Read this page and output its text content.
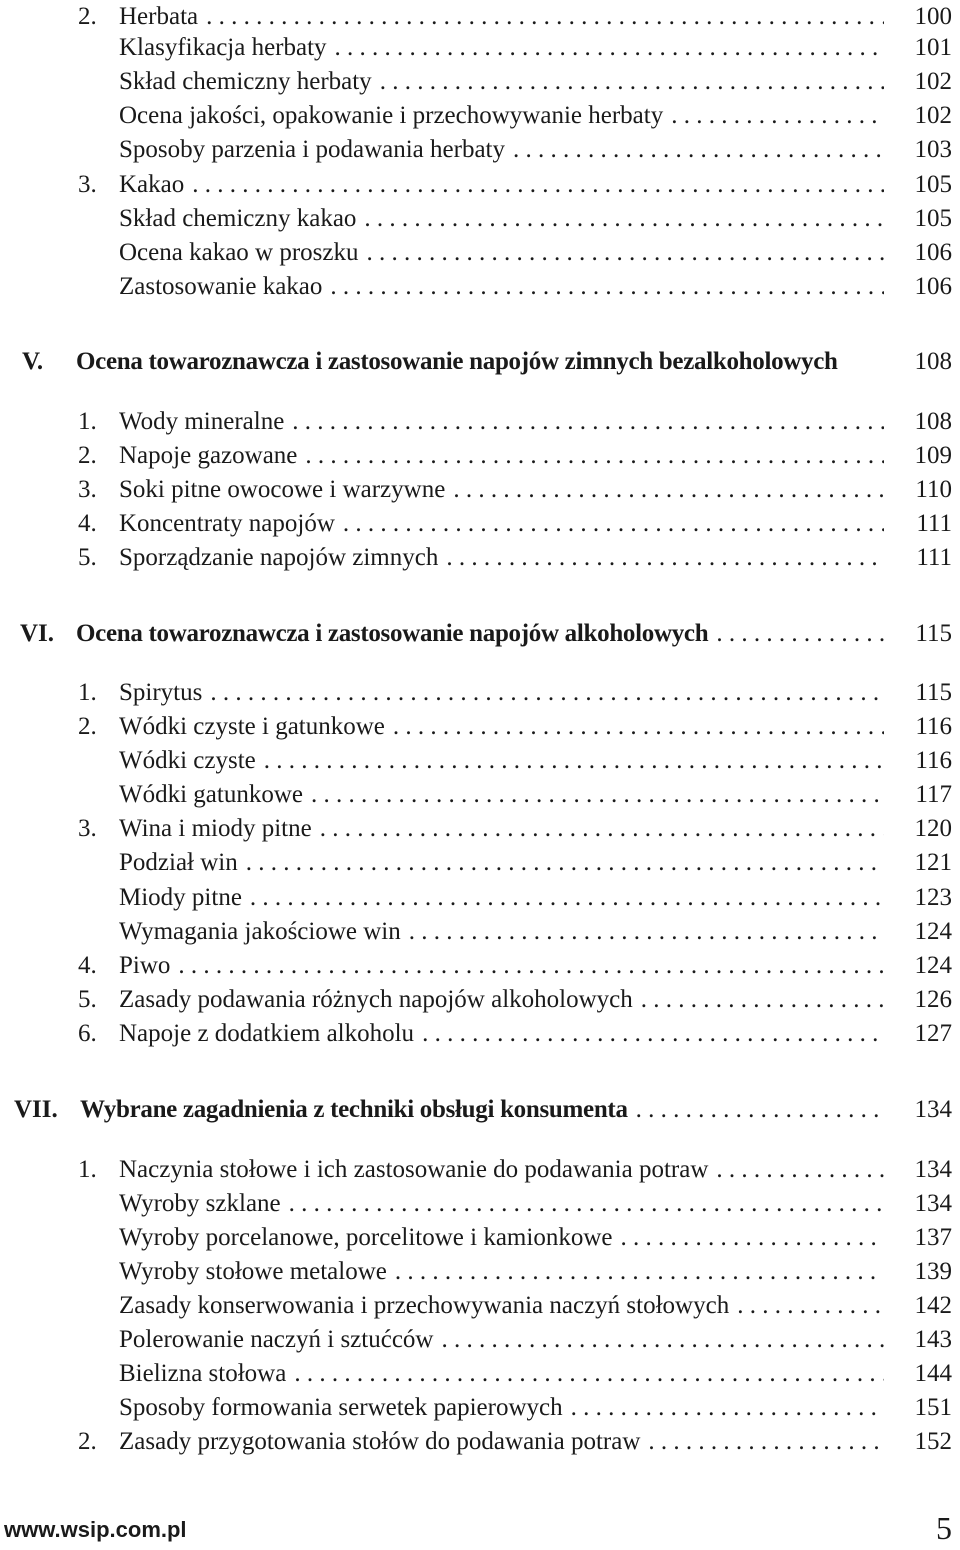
2. Herbata . . .	100
Klasyfikacja herbaty . . .	101
Skład chemiczny herbaty . . .	102
Ocena jakości, opakowanie i przechowywanie herbaty . . .	102
Sposoby parzenia i podawania herbaty . . .	103
3. Kakao . . .	105
Skład chemiczny kakao . . .	105
Ocena kakao w proszku . . .	106
Zastosowanie kakao . . .	106
V. Ocena towaroznawcza i zastosowanie napojów zimnych bezalkoholowych	108
1. Wody mineralne . . .	108
2. Napoje gazowane . . .	109
3. Soki pitne owocowe i warzywne . . .	110
4. Koncentraty napojów . . .	111
5. Sporządzanie napojów zimnych . . .	111
VI. Ocena towaroznawcza i zastosowanie napojów alkoholowych . . .	115
1. Spirytus . . .	115
2. Wódki czyste i gatunkowe . . .	116
Wódki czyste . . .	116
Wódki gatunkowe . . .	117
3. Wina i miody pitne . . .	120
Podział win . . .	121
Miody pitne . . .	123
Wymagania jakościowe win . . .	124
4. Piwo . . .	124
5. Zasady podawania różnych napojów alkoholowych . . .	126
6. Napoje z dodatkiem alkoholu . . .	127
VII. Wybrane zagadnienia z techniki obsługi konsumenta . . .	134
1. Naczynia stołowe i ich zastosowanie do podawania potraw . . .	134
Wyroby szklane . . .	134
Wyroby porcelanowe, porcelitowe i kamionkowe . . .	137
Wyroby stołowe metalowe . . .	139
Zasady konserwowania i przechowywania naczyń stołowych . . .	142
Polerowanie naczyń i sztućców . . .	143
Bielizna stołowa . . .	144
Sposoby formowania serwetek papierowych . . .	151
2. Zasady przygotowania stołów do podawania potraw . . .	152
www.wsip.com.pl	5
